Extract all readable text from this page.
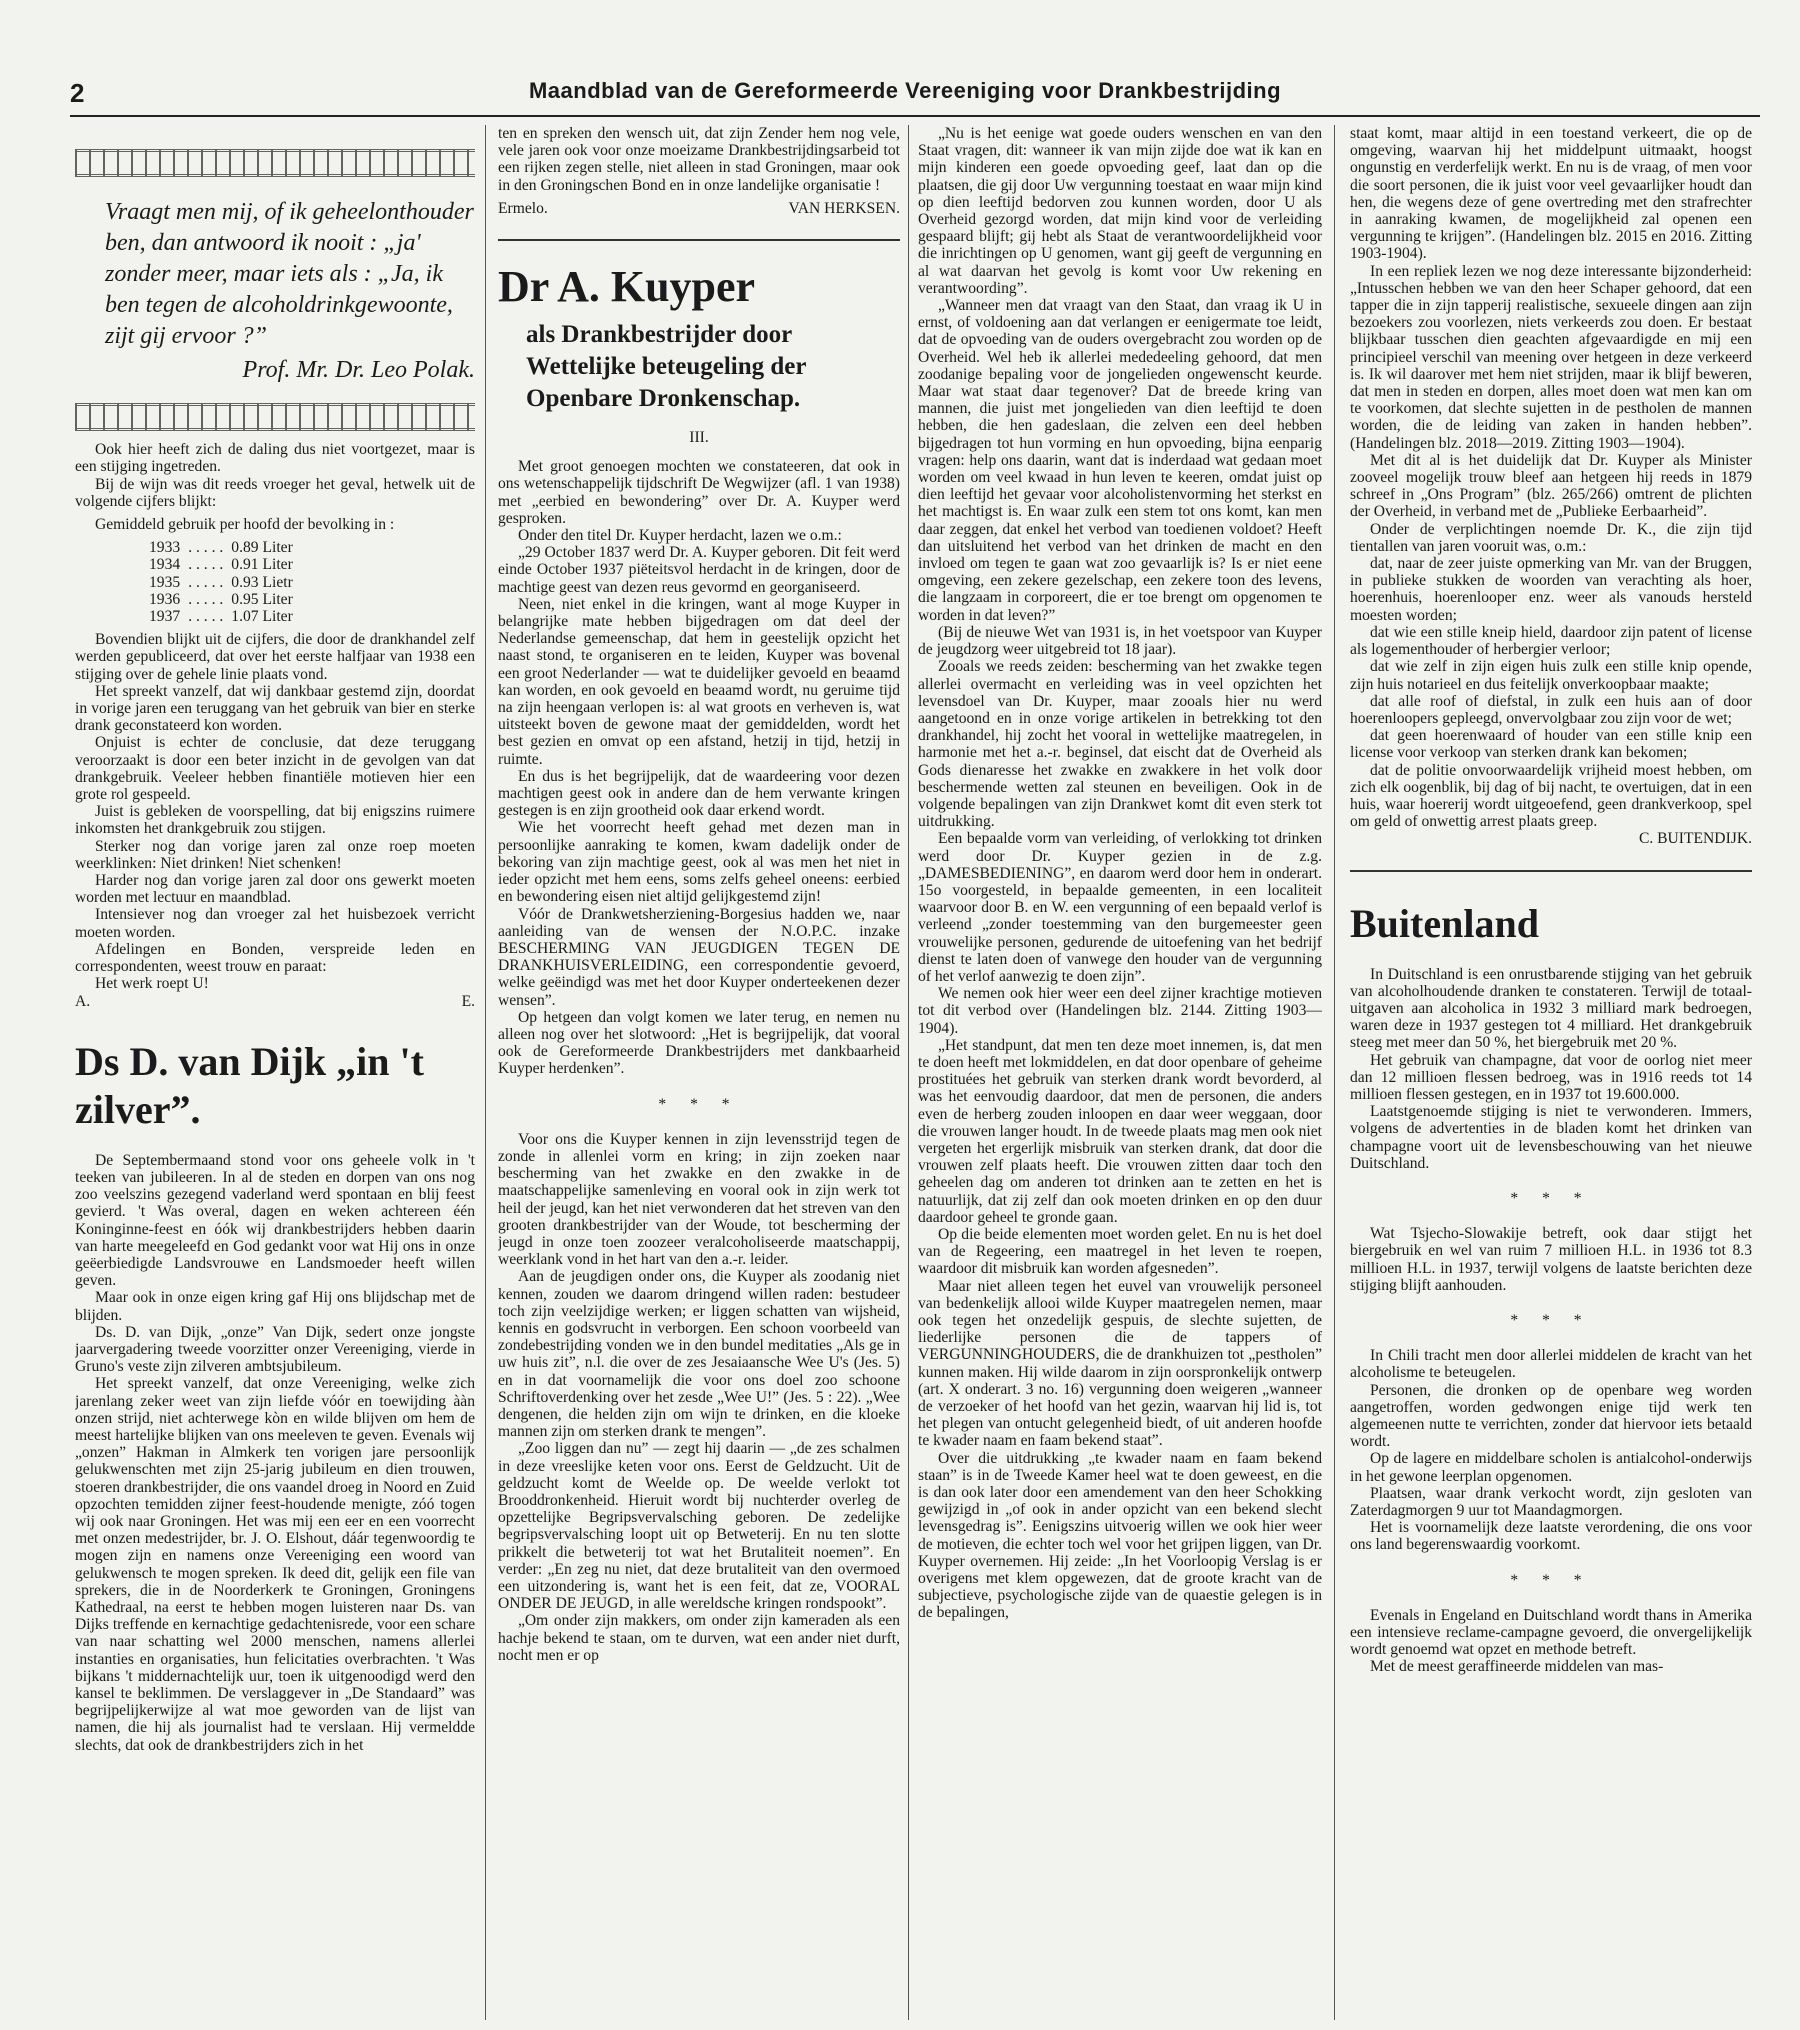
2	Maandblad van de Gereformeerde Vereeniging voor Drankbestrijding
Vraagt men mij, of ik geheelonthouder ben, dan antwoord ik nooit : „ja' zonder meer, maar iets als : „Ja, ik ben tegen de alcoholdrinkgewoonte, zijt gij ervoor ?”
Prof. Mr. Dr. Leo Polak.

Ook hier heeft zich de daling dus niet voortgezet, maar is een stijging ingetreden.

Bij de wijn was dit reeds vroeger het geval, hetwelk uit de volgende cijfers blijkt:

Gemiddeld gebruik per hoofd der bevolking in :

1933	. . . . .	0.89 Liter
1934	. . . . .	0.91 Liter
1935	. . . . .	0.93 Lietr
1936	. . . . .	0.95 Liter
1937	. . . . .	1.07 Liter

Bovendien blijkt uit de cijfers, die door de drankhandel zelf werden gepubliceerd, dat over het eerste halfjaar van 1938 een stijging over de gehele linie plaats vond.

Het spreekt vanzelf, dat wij dankbaar gestemd zijn, doordat in vorige jaren een teruggang van het gebruik van bier en sterke drank geconstateerd kon worden.

Onjuist is echter de conclusie, dat deze teruggang veroorzaakt is door een beter inzicht in de gevolgen van dat drankgebruik. Veeleer hebben finantiële motieven hier een grote rol gespeeld.

Juist is gebleken de voorspelling, dat bij enigszins ruimere inkomsten het drankgebruik zou stijgen.

Sterker nog dan vorige jaren zal onze roep moeten weerklinken: Niet drinken! Niet schenken!

Harder nog dan vorige jaren zal door ons gewerkt moeten worden met lectuur en maandblad.

Intensiever nog dan vroeger zal het huisbezoek verricht moeten worden.

Afdelingen en Bonden, verspreide leden en correspondenten, weest trouw en paraat:

Het werk roept U!

A.	E.
Ds D. van Dijk „in 't zilver”.

De Septembermaand stond voor ons geheele volk in 't teeken van jubileeren. In al de steden en dorpen van ons nog zoo veelszins gezegend vaderland werd spontaan en blij feest gevierd. 't Was overal, dagen en weken achtereen één Koninginne-feest en óók wij drankbestrijders hebben daarin van harte meegeleefd en God gedankt voor wat Hij ons in onze geëerbiedigde Landsvrouwe en Landsmoeder heeft willen geven.

Maar ook in onze eigen kring gaf Hij ons blijdschap met de blijden.

Ds. D. van Dijk, „onze” Van Dijk, sedert onze jongste jaarvergadering tweede voorzitter onzer Vereeniging, vierde in Gruno's veste zijn zilveren ambtsjubileum.

Het spreekt vanzelf, dat onze Vereeniging, welke zich jarenlang zeker weet van zijn liefde vóór en toewijding ààn onzen strijd, niet achterwege kòn en wilde blijven om hem de meest hartelijke blijken van ons meeleven te geven. Evenals wij „onzen” Hakman in Almkerk ten vorigen jare persoonlijk gelukwenschten met zijn 25-jarig jubileum en dien trouwen, stoeren drankbestrijder, die ons vaandel droeg in Noord en Zuid opzochten temidden zijner feest-houdende menigte, zóó togen wij ook naar Groningen. Het was mij een eer en een voorrecht met onzen medestrijder, br. J. O. Elshout, dáár tegenwoordig te mogen zijn en namens onze Vereeniging een woord van gelukwensch te mogen spreken. Ik deed dit, gelijk een file van sprekers, die in de Noorderkerk te Groningen, Groningens Kathedraal, na eerst te hebben mogen luisteren naar Ds. van Dijks treffende en kernachtige gedachtenisrede, voor een schare van naar schatting wel 2000 menschen, namens allerlei instanties en organisaties, hun felicitaties overbrachten. 't Was bijkans 't middernachtelijk uur, toen ik uitgenoodigd werd den kansel te beklimmen. De verslaggever in „De Standaard” was begrijpelijkerwijze al wat moe geworden van de lijst van namen, die hij als journalist had te verslaan. Hij vermeldde slechts, dat ook de drankbestrijders zich in het

ten en spreken den wensch uit, dat zijn Zender hem nog vele, vele jaren ook voor onze moeizame Drankbestrijdingsarbeid tot een rijken zegen stelle, niet alleen in stad Groningen, maar ook in den Groningschen Bond en in onze landelijke organisatie !

Ermelo.	VAN HERKSEN.
Dr A. Kuyper
als Drankbestrijder door Wettelijke beteugeling der Openbare Dronkenschap.
III.

Met groot genoegen mochten we constateeren, dat ook in ons wetenschappelijk tijdschrift De Wegwijzer (afl. 1 van 1938) met „eerbied en bewondering” over Dr. A. Kuyper werd gesproken.

Onder den titel Dr. Kuyper herdacht, lazen we o.m.:

„29 October 1837 werd Dr. A. Kuyper geboren. Dit feit werd einde October 1937 piëteitsvol herdacht in de kringen, door de machtige geest van dezen reus gevormd en georganiseerd.

Neen, niet enkel in die kringen, want al moge Kuyper in belangrijke mate hebben bijgedragen om dat deel der Nederlandse gemeenschap, dat hem in geestelijk opzicht het naast stond, te organiseren en te leiden, Kuyper was bovenal een groot Nederlander — wat te duidelijker gevoeld en beaamd kan worden, en ook gevoeld en beaamd wordt, nu geruime tijd na zijn heengaan verlopen is: al wat groots en verheven is, wat uitsteekt boven de gewone maat der gemiddelden, wordt het best gezien en omvat op een afstand, hetzij in tijd, hetzij in ruimte.

En dus is het begrijpelijk, dat de waardeering voor dezen machtigen geest ook in andere dan de hem verwante kringen gestegen is en zijn grootheid ook daar erkend wordt.

Wie het voorrecht heeft gehad met dezen man in persoonlijke aanraking te komen, kwam dadelijk onder de bekoring van zijn machtige geest, ook al was men het niet in ieder opzicht met hem eens, soms zelfs geheel oneens: eerbied en bewondering eisen niet altijd gelijkgestemd zijn!

Vóór de Drankwetsherziening-Borgesius hadden we, naar aanleiding van de wensen der N.O.P.C. inzake BESCHERMING VAN JEUGDIGEN TEGEN DE DRANKHUISVERLEIDING, een correspondentie gevoerd, welke geëindigd was met het door Kuyper onderteekenen dezer wensen”.

Op hetgeen dan volgt komen we later terug, en nemen nu alleen nog over het slotwoord: „Het is begrijpelijk, dat vooral ook de Gereformeerde Drankbestrijders met dankbaarheid Kuyper herdenken”.

* * *

Voor ons die Kuyper kennen in zijn levensstrijd tegen de zonde in allenlei vorm en kring; in zijn zoeken naar bescherming van het zwakke en den zwakke in de maatschappelijke samenleving en vooral ook in zijn werk tot heil der jeugd, kan het niet verwonderen dat het streven van den grooten drankbestrijder van der Woude, tot bescherming der jeugd in onze toen zoozeer veralcoholiseerde maatschappij, weerklank vond in het hart van den a.-r. leider.

Aan de jeugdigen onder ons, die Kuyper als zoodanig niet kennen, zouden we daarom dringend willen raden: bestudeer toch zijn veelzijdige werken; er liggen schatten van wijsheid, kennis en godsvrucht in verborgen. Een schoon voorbeeld van zondebestrijding vonden we in den bundel meditaties „Als ge in uw huis zit”, n.l. die over de zes Jesaiaansche Wee U's (Jes. 5) en in dat voornamelijk die voor ons doel zoo schoone Schriftoverdenking over het zesde „Wee U!” (Jes. 5 : 22). „Wee dengenen, die helden zijn om wijn te drinken, en die kloeke mannen zijn om sterken drank te mengen”.

„Zoo liggen dan nu” — zegt hij daarin — „de zes schalmen in deze vreeslijke keten voor ons. Eerst de Geldzucht. Uit de geldzucht komt de Weelde op. De weelde verlokt tot Brooddronkenheid. Hieruit wordt bij nuchterder overleg de opzettelijke Begripsvervalsching geboren. De zedelijke begripsvervalsching loopt uit op Betweterij. En nu ten slotte prikkelt die betweterij tot wat het Brutaliteit noemen”. En verder: „En zeg nu niet, dat deze brutaliteit van den overmoed een uitzondering is, want het is een feit, dat ze, VOORAL ONDER DE JEUGD, in alle wereldsche kringen rondspookt”.

„Om onder zijn makkers, om onder zijn kameraden als een hachje bekend te staan, om te durven, wat een ander niet durft, nocht men er op

„Nu is het eenige wat goede ouders wenschen en van den Staat vragen, dit: wanneer ik van mijn zijde doe wat ik kan en mijn kinderen een goede opvoeding geef, laat dan op die plaatsen, die gij door Uw vergunning toestaat en waar mijn kind op dien leeftijd bedorven zou kunnen worden, door U als Overheid gezorgd worden, dat mijn kind voor de verleiding gespaard blijft; gij hebt als Staat de verantwoordelijkheid voor die inrichtingen op U genomen, want gij geeft de vergunning en al wat daarvan het gevolg is komt voor Uw rekening en verantwoording”.

„Wanneer men dat vraagt van den Staat, dan vraag ik U in ernst, of voldoening aan dat verlangen er eenigermate toe leidt, dat de opvoeding van de ouders overgebracht zou worden op de Overheid. Wel heb ik allerlei mededeeling gehoord, dat men zoodanige bepaling voor de jongelieden ongewenscht keurde. Maar wat staat daar tegenover? Dat de breede kring van mannen, die juist met jongelieden van dien leeftijd te doen hebben, die hen gadeslaan, die zelven een deel hebben bijgedragen tot hun vorming en hun opvoeding, bijna eenparig vragen: help ons daarin, want dat is inderdaad wat gedaan moet worden om veel kwaad in hun leven te keeren, omdat juist op dien leeftijd het gevaar voor alcoholistenvorming het sterkst en het machtigst is. En waar zulk een stem tot ons komt, kan men daar zeggen, dat enkel het verbod van toedienen voldoet? Heeft dan uitsluitend het verbod van het drinken de macht en den invloed om tegen te gaan wat zoo gevaarlijk is? Is er niet eene omgeving, een zekere gezelschap, een zekere toon des levens, die langzaam in corporeert, die er toe brengt om opgenomen te worden in dat leven?”

(Bij de nieuwe Wet van 1931 is, in het voetspoor van Kuyper de jeugdzorg weer uitgebreid tot 18 jaar).

Zooals we reeds zeiden: bescherming van het zwakke tegen allerlei overmacht en verleiding was in veel opzichten het levensdoel van Dr. Kuyper, maar zooals hier nu werd aangetoond en in onze vorige artikelen in betrekking tot den drankhandel, hij zocht het vooral in wettelijke maatregelen, in harmonie met het a.-r. beginsel, dat eischt dat de Overheid als Gods dienaresse het zwakke en zwakkere in het volk door beschermende wetten zal steunen en beveiligen. Ook in de volgende bepalingen van zijn Drankwet komt dit even sterk tot uitdrukking.

Een bepaalde vorm van verleiding, of verlokking tot drinken werd door Dr. Kuyper gezien in de z.g. „DAMESBEDIENING”, en daarom werd door hem in onderart. 15o voorgesteld, in bepaalde gemeenten, in een localiteit waarvoor door B. en W. een vergunning of een bepaald verlof is verleend „zonder toestemming van den burgemeester geen vrouwelijke personen, gedurende de uitoefening van het bedrijf dienst te laten doen of vanwege den houder van de vergunning of het verlof aanwezig te doen zijn”.

We nemen ook hier weer een deel zijner krachtige motieven tot dit verbod over (Handelingen blz. 2144. Zitting 1903—1904).

„Het standpunt, dat men ten deze moet innemen, is, dat men te doen heeft met lokmiddelen, en dat door openbare of geheime prostituées het gebruik van sterken drank wordt bevorderd, al was het eenvoudig daardoor, dat men de personen, die anders even de herberg zouden inloopen en daar weer weggaan, door die vrouwen langer houdt. In de tweede plaats mag men ook niet vergeten het ergerlijk misbruik van sterken drank, dat door die vrouwen zelf plaats heeft. Die vrouwen zitten daar toch den geheelen dag om anderen tot drinken aan te zetten en het is natuurlijk, dat zij zelf dan ook moeten drinken en op den duur daardoor geheel te gronde gaan.

Op die beide elementen moet worden gelet. En nu is het doel van de Regeering, een maatregel in het leven te roepen, waardoor dit misbruik kan worden afgesneden”.

Maar niet alleen tegen het euvel van vrouwelijk personeel van bedenkelijk allooi wilde Kuyper maatregelen nemen, maar ook tegen het onzedelijk gespuis, de slechte sujetten, de liederlijke personen die de tappers of VERGUNNINGHOUDERS, die de drankhuizen tot „pestholen” kunnen maken. Hij wilde daarom in zijn oorspronkelijk ontwerp (art. X onderart. 3 no. 16) vergunning doen weigeren „wanneer de verzoeker of het hoofd van het gezin, waarvan hij lid is, tot het plegen van ontucht gelegenheid biedt, of uit anderen hoofde te kwader naam en faam bekend staat”.

Over die uitdrukking „te kwader naam en faam bekend staan” is in de Tweede Kamer heel wat te doen geweest, en die is dan ook later door een amendement van den heer Schokking gewijzigd in „of ook in ander opzicht van een bekend slecht levensgedrag is”. Eenigszins uitvoerig willen we ook hier weer de motieven, die echter toch wel voor het grijpen liggen, van Dr. Kuyper overnemen. Hij zeide: „In het Voorloopig Verslag is er overigens met klem opgewezen, dat de groote kracht van de subjectieve, psychologische zijde van de quaestie gelegen is in de bepalingen,

staat komt, maar altijd in een toestand verkeert, die op de omgeving, waarvan hij het middelpunt uitmaakt, hoogst ongunstig en verderfelijk werkt. En nu is de vraag, of men voor die soort personen, die ik juist voor veel gevaarlijker houdt dan hen, die wegens deze of gene overtreding met den strafrechter in aanraking kwamen, de mogelijkheid zal openen een vergunning te krijgen”. (Handelingen blz. 2015 en 2016. Zitting 1903-1904).

In een repliek lezen we nog deze interessante bijzonderheid: „Intusschen hebben we van den heer Schaper gehoord, dat een tapper die in zijn tapperij realistische, sexueele dingen aan zijn bezoekers zou voorlezen, niets verkeerds zou doen. Er bestaat blijkbaar tusschen dien geachten afgevaardigde en mij een principieel verschil van meening over hetgeen in deze verkeerd is. Ik wil daarover met hem niet strijden, maar ik blijf beweren, dat men in steden en dorpen, alles moet doen wat men kan om te voorkomen, dat slechte sujetten in de pestholen de mannen worden, die de leiding van zaken in handen hebben”. (Handelingen blz. 2018—2019. Zitting 1903—1904).

Met dit al is het duidelijk dat Dr. Kuyper als Minister zooveel mogelijk trouw bleef aan hetgeen hij reeds in 1879 schreef in „Ons Program” (blz. 265/266) omtrent de plichten der Overheid, in verband met de „Publieke Eerbaarheid”.

Onder de verplichtingen noemde Dr. K., die zijn tijd tientallen van jaren vooruit was, o.m.:

dat, naar de zeer juiste opmerking van Mr. van der Bruggen, in publieke stukken de woorden van verachting als hoer, hoerenhuis, hoerenlooper enz. weer als vanouds hersteld moesten worden;

dat wie een stille kneip hield, daardoor zijn patent of license als logementhouder of herbergier verloor;

dat wie zelf in zijn eigen huis zulk een stille knip opende, zijn huis notarieel en dus feitelijk onverkoopbaar maakte;

dat alle roof of diefstal, in zulk een huis aan of door hoerenloopers gepleegd, onvervolgbaar zou zijn voor de wet;

dat geen hoerenwaard of houder van een stille knip een license voor verkoop van sterken drank kan bekomen;

dat de politie onvoorwaardelijk vrijheid moest hebben, om zich elk oogenblik, bij dag of bij nacht, te overtuigen, dat in een huis, waar hoererij wordt uitgeoefend, geen drankverkoop, spel om geld of onwettig arrest plaats greep.

C. BUITENDIJK.
Buitenland

In Duitschland is een onrustbarende stijging van het gebruik van alcoholhoudende dranken te constateren. Terwijl de totaal-uitgaven aan alcoholica in 1932 3 milliard mark bedroegen, waren deze in 1937 gestegen tot 4 milliard. Het drankgebruik steeg met meer dan 50 %, het biergebruik met 20 %.

Het gebruik van champagne, dat voor de oorlog niet meer dan 12 millioen flessen bedroeg, was in 1916 reeds tot 14 millioen flessen gestegen, en in 1937 tot 19.600.000.

Laatstgenoemde stijging is niet te verwonderen. Immers, volgens de advertenties in de bladen komt het drinken van champagne voort uit de levensbeschouwing van het nieuwe Duitschland.

* * *

Wat Tsjecho-Slowakije betreft, ook daar stijgt het biergebruik en wel van ruim 7 millioen H.L. in 1936 tot 8.3 millioen H.L. in 1937, terwijl volgens de laatste berichten deze stijging blijft aanhouden.

* * *

In Chili tracht men door allerlei middelen de kracht van het alcoholisme te beteugelen.

Personen, die dronken op de openbare weg worden aangetroffen, worden gedwongen enige tijd werk ten algemeenen nutte te verrichten, zonder dat hiervoor iets betaald wordt.

Op de lagere en middelbare scholen is antialcohol-onderwijs in het gewone leerplan opgenomen.

Plaatsen, waar drank verkocht wordt, zijn gesloten van Zaterdagmorgen 9 uur tot Maandagmorgen.

Het is voornamelijk deze laatste verordening, die ons voor ons land begerenswaardig voorkomt.

* * *

Evenals in Engeland en Duitschland wordt thans in Amerika een intensieve reclame-campagne gevoerd, die onvergelijkelijk wordt genoemd wat opzet en methode betreft.

Met de meest geraffineerde middelen van mas-
